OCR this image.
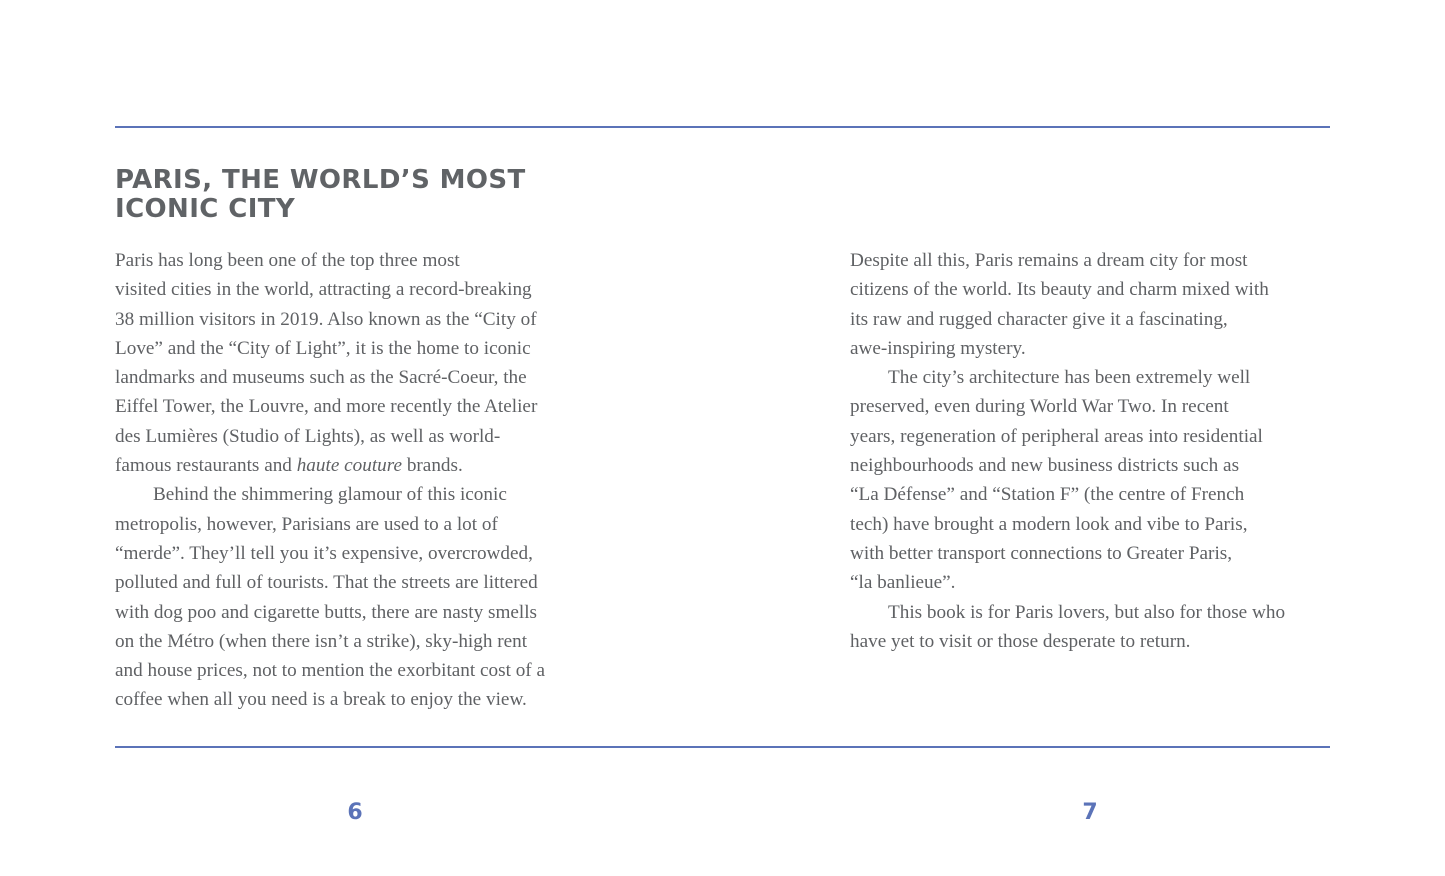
PARIS, THE WORLD’S MOST
ICONIC CITY
Paris has long been one of the top three most
visited cities in the world, attracting a record-breaking
38 million visitors in 2019. Also known as the “City of
Love” and the “City of Light”, it is the home to iconic
landmarks and museums such as the Sacré-Coeur, the
Eiffel Tower, the Louvre, and more recently the Atelier
des Lumières (Studio of Lights), as well as world-
famous restaurants and haute couture brands.
Behind the shimmering glamour of this iconic
metropolis, however, Parisians are used to a lot of
“merde”. They’ll tell you it’s expensive, overcrowded,
polluted and full of tourists. That the streets are littered
with dog poo and cigarette butts, there are nasty smells
on the Métro (when there isn’t a strike), sky-high rent
and house prices, not to mention the exorbitant cost of a
coffee when all you need is a break to enjoy the view.
Despite all this, Paris remains a dream city for most
citizens of the world. Its beauty and charm mixed with
its raw and rugged character give it a fascinating,
awe-inspiring mystery.
The city’s architecture has been extremely well
preserved, even during World War Two. In recent
years, regeneration of peripheral areas into residential
neighbourhoods and new business districts such as
“La Défense” and “Station F” (the centre of French
tech) have brought a modern look and vibe to Paris,
with better transport connections to Greater Paris,
“la banlieue”.
This book is for Paris lovers, but also for those who
have yet to visit or those desperate to return.
6	7
